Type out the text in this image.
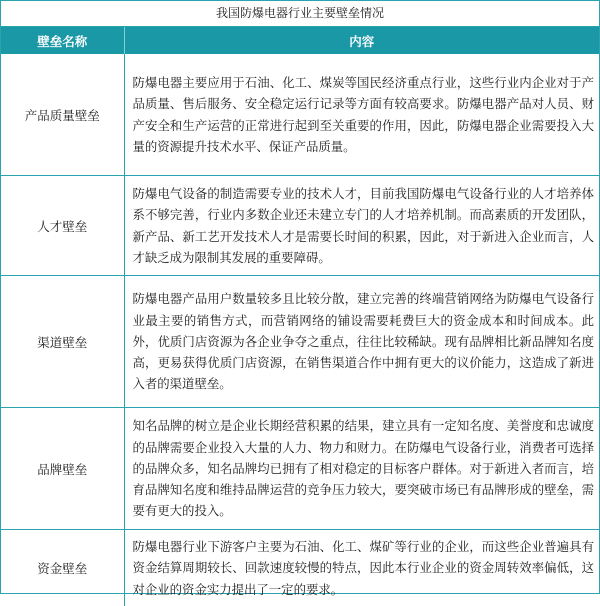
我国防爆电器行业主要壁垒情况
壁垒名称	内容
产品质量壁垒	防爆电器主要应用于石油、化工、煤炭等国民经济重点行业，这些行业内企业对于产品质量、售后服务、安全稳定运行记录等方面有较高要求。防爆电器产品对人员、财产安全和生产运营的正常进行起到至关重要的作用，因此，防爆电器企业需要投入大量的资源提升技术水平、保证产品质量。
人才壁垒	防爆电气设备的制造需要专业的技术人才，目前我国防爆电气设备行业的人才培养体系不够完善，行业内多数企业还未建立专门的人才培养机制。而高素质的开发团队，新产品、新工艺开发技术人才是需要长时间的积累，因此，对于新进入企业而言，人才缺乏成为限制其发展的重要障碍。
渠道壁垒	防爆电器产品用户数量较多且比较分散，建立完善的终端营销网络为防爆电气设备行业最主要的销售方式，而营销网络的铺设需要耗费巨大的资金成本和时间成本。此外，优质门店资源为各企业争夺之重点，往往比较稀缺。现有品牌相比新品牌知名度高，更易获得优质门店资源，在销售渠道合作中拥有更大的议价能力，这造成了新进入者的渠道壁垒。
品牌壁垒	知名品牌的树立是企业长期经营积累的结果，建立具有一定知名度、美誉度和忠诚度的品牌需要企业投入大量的人力、物力和财力。在防爆电气设备行业，消费者可选择的品牌众多，知名品牌均已拥有了相对稳定的目标客户群体。对于新进入者而言，培育品牌知名度和维持品牌运营的竞争压力较大，要突破市场已有品牌形成的壁垒，需要有更大的投入。
资金壁垒	防爆电器行业下游客户主要为石油、化工、煤矿等行业的企业，而这些企业普遍具有资金结算周期较长、回款速度较慢的特点，因此本行业企业的资金周转效率偏低，这对企业的资金实力提出了一定的要求。
